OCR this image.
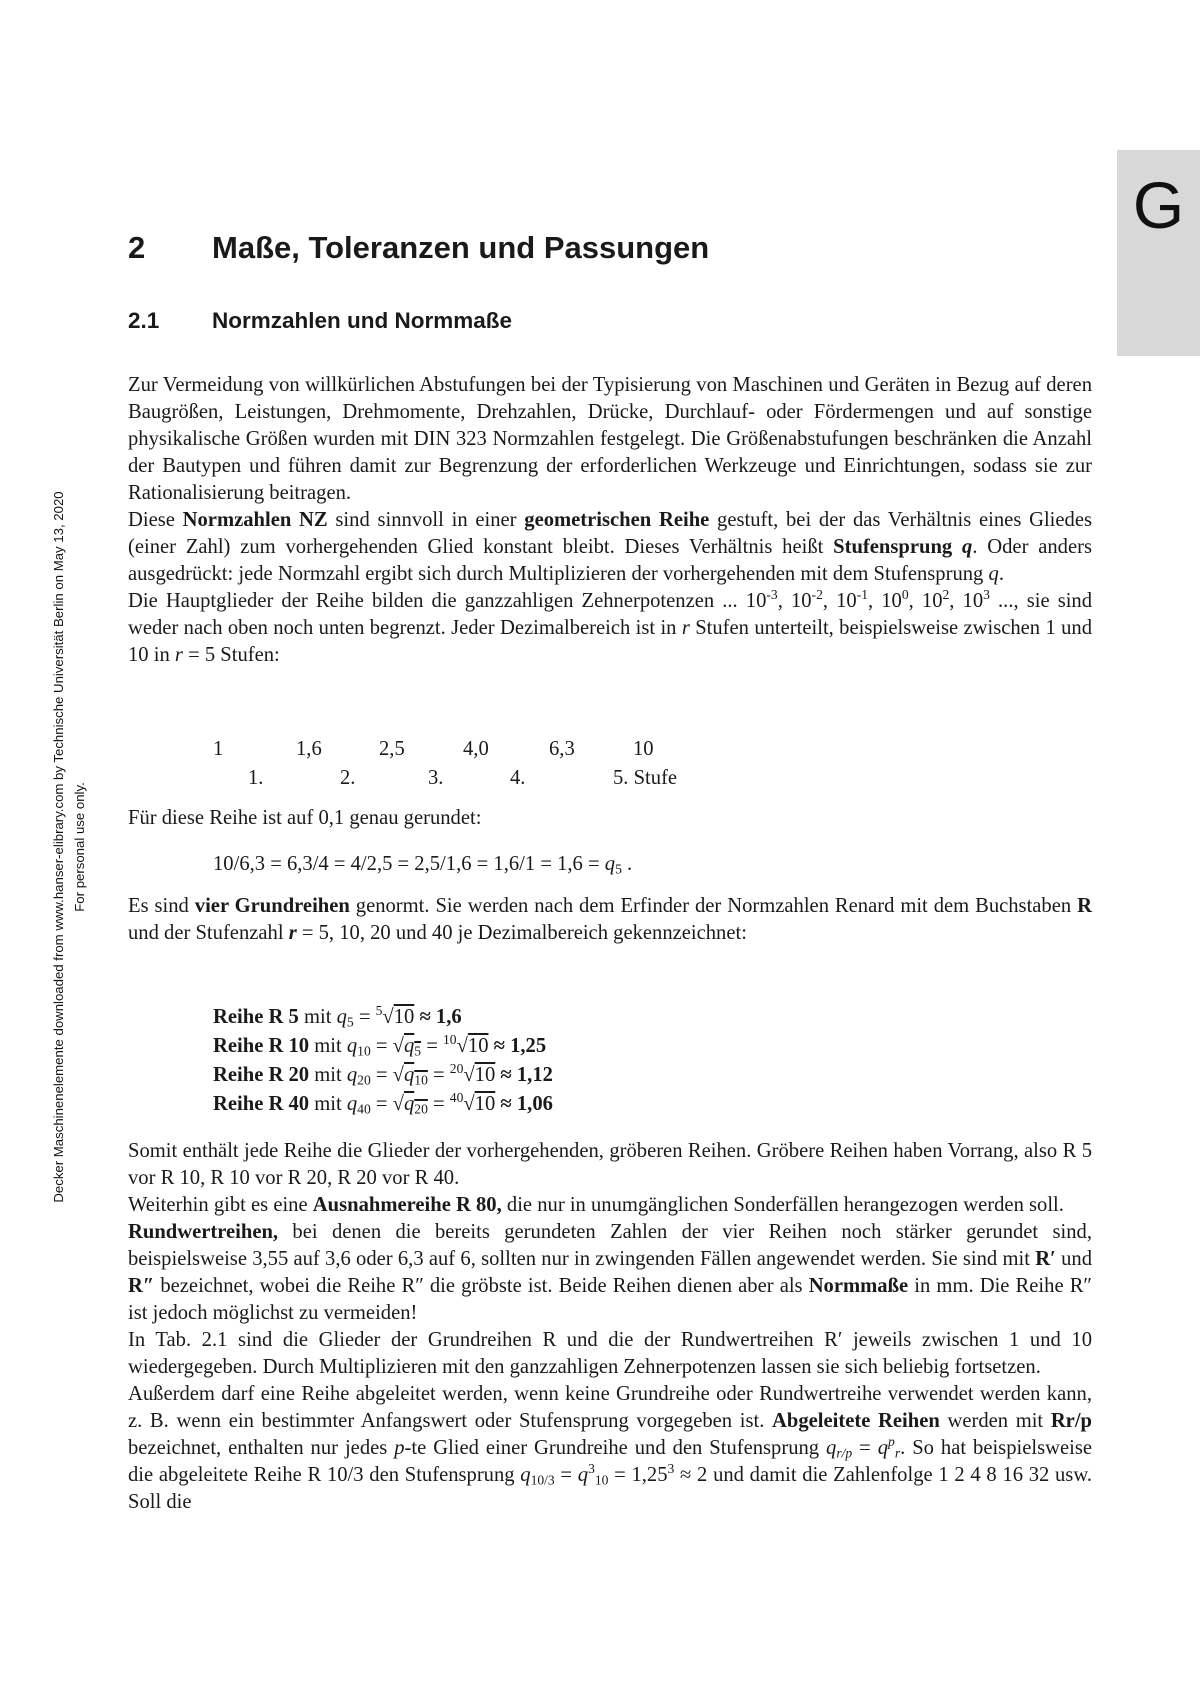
G
Decker Maschinenelemente downloaded from www.hanser-elibrary.com by Technische Universität Berlin on May 13, 2020 For personal use only.
2 Maße, Toleranzen und Passungen
2.1 Normzahlen und Normmaße

Zur Vermeidung von willkürlichen Abstufungen bei der Typisierung von Maschinen und Geräten in Bezug auf deren Baugrößen, Leistungen, Drehmomente, Drehzahlen, Drücke, Durchlauf- oder Fördermengen und auf sonstige physikalische Größen wurden mit DIN 323 Normzahlen festgelegt. Die Größenabstufungen beschränken die Anzahl der Bautypen und führen damit zur Begrenzung der erforderlichen Werkzeuge und Einrichtungen, sodass sie zur Rationalisierung beitragen.

Diese Normzahlen NZ sind sinnvoll in einer geometrischen Reihe gestuft, bei der das Verhältnis eines Gliedes (einer Zahl) zum vorhergehenden Glied konstant bleibt. Dieses Verhältnis heißt Stufensprung q. Oder anders ausgedrückt: jede Normzahl ergibt sich durch Multiplizieren der vorhergehenden mit dem Stufensprung q.

Die Hauptglieder der Reihe bilden die ganzzahligen Zehnerpotenzen ... $10^{-3}$, $10^{-2}$, $10^{-1}$, $10^0$, $10^2$, $10^3$ ..., sie sind weder nach oben noch unten begrenzt. Jeder Dezimalbereich ist in r Stufen unterteilt, beispielsweise zwischen 1 und 10 in r = 5 Stufen:

1	1,6	2,5	4,0	6,3	10
1.	2.	3.	4.	5. Stufe

Für diese Reihe ist auf 0,1 genau gerundet:

$10/6,3 = 6,3/4 = 4/2,5 = 2,5/1,6 = 1,6/1 = 1,6 = q_5$ .

Es sind vier Grundreihen genormt. Sie werden nach dem Erfinder der Normzahlen Renard mit dem Buchstaben R und der Stufenzahl r = 5, 10, 20 und 40 je Dezimalbereich gekennzeichnet:

Reihe R 5 mit $q_5 = ^5√10 \approx 1,6$
Reihe R 10 mit $q_{10} = √q_5 = ^{10}√10 \approx 1,25$
Reihe R 20 mit $q_{20} = √q_{10} = ^{20}√10 \approx 1,12$
Reihe R 40 mit $q_{40} = √q_{20} = ^{40}√10 \approx 1,06$

Somit enthält jede Reihe die Glieder der vorhergehenden, gröberen Reihen. Gröbere Reihen haben Vorrang, also R 5 vor R 10, R 10 vor R 20, R 20 vor R 40.

Weiterhin gibt es eine Ausnahmereihe R 80, die nur in unumgänglichen Sonderfällen herangezogen werden soll.

Rundwertreihen, bei denen die bereits gerundeten Zahlen der vier Reihen noch stärker gerundet sind, beispielsweise 3,55 auf 3,6 oder 6,3 auf 6, sollten nur in zwingenden Fällen angewendet werden. Sie sind mit R′ und R″ bezeichnet, wobei die Reihe R″ die gröbste ist. Beide Reihen dienen aber als Normmaße in mm. Die Reihe R″ ist jedoch möglichst zu vermeiden!

In Tab. 2.1 sind die Glieder der Grundreihen R und die der Rundwertreihen R′ jeweils zwischen 1 und 10 wiedergegeben. Durch Multiplizieren mit den ganzzahligen Zehnerpotenzen lassen sie sich beliebig fortsetzen.

Außerdem darf eine Reihe abgeleitet werden, wenn keine Grundreihe oder Rundwertreihe verwendet werden kann, z. B. wenn ein bestimmter Anfangswert oder Stufensprung vorgegeben ist. Abgeleitete Reihen werden mit Rr/p bezeichnet, enthalten nur jedes p-te Glied einer Grundreihe und den Stufensprung $q_{r/p} = q^p_r$. So hat beispielsweise die abgeleitete Reihe R 10/3 den Stufensprung $q_{10/3} = q^3_{10} = 1,25^3 \approx 2$ und damit die Zahlenfolge 1 2 4 8 16 32 usw. Soll die
